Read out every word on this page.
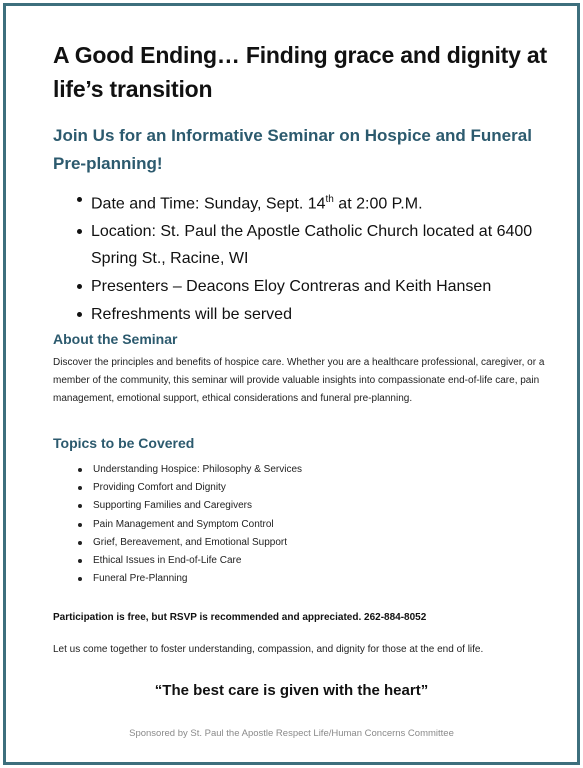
A Good Ending… Finding grace and dignity at life’s transition
Join Us for an Informative Seminar on Hospice and Funeral Pre-planning!
Date and Time: Sunday, Sept. 14th at 2:00 P.M.
Location: St. Paul the Apostle Catholic Church located at 6400 Spring St., Racine, WI
Presenters – Deacons Eloy Contreras and Keith Hansen
Refreshments will be served
About the Seminar
Discover the principles and benefits of hospice care. Whether you are a healthcare professional, caregiver, or a member of the community, this seminar will provide valuable insights into compassionate end-of-life care, pain management, emotional support, ethical considerations and funeral pre-planning.
Topics to be Covered
Understanding Hospice: Philosophy & Services
Providing Comfort and Dignity
Supporting Families and Caregivers
Pain Management and Symptom Control
Grief, Bereavement, and Emotional Support
Ethical Issues in End-of-Life Care
Funeral Pre-Planning
Participation is free, but RSVP is recommended and appreciated. 262-884-8052
Let us come together to foster understanding, compassion, and dignity for those at the end of life.
“The best care is given with the heart”
Sponsored by St. Paul the Apostle Respect Life/Human Concerns Committee
